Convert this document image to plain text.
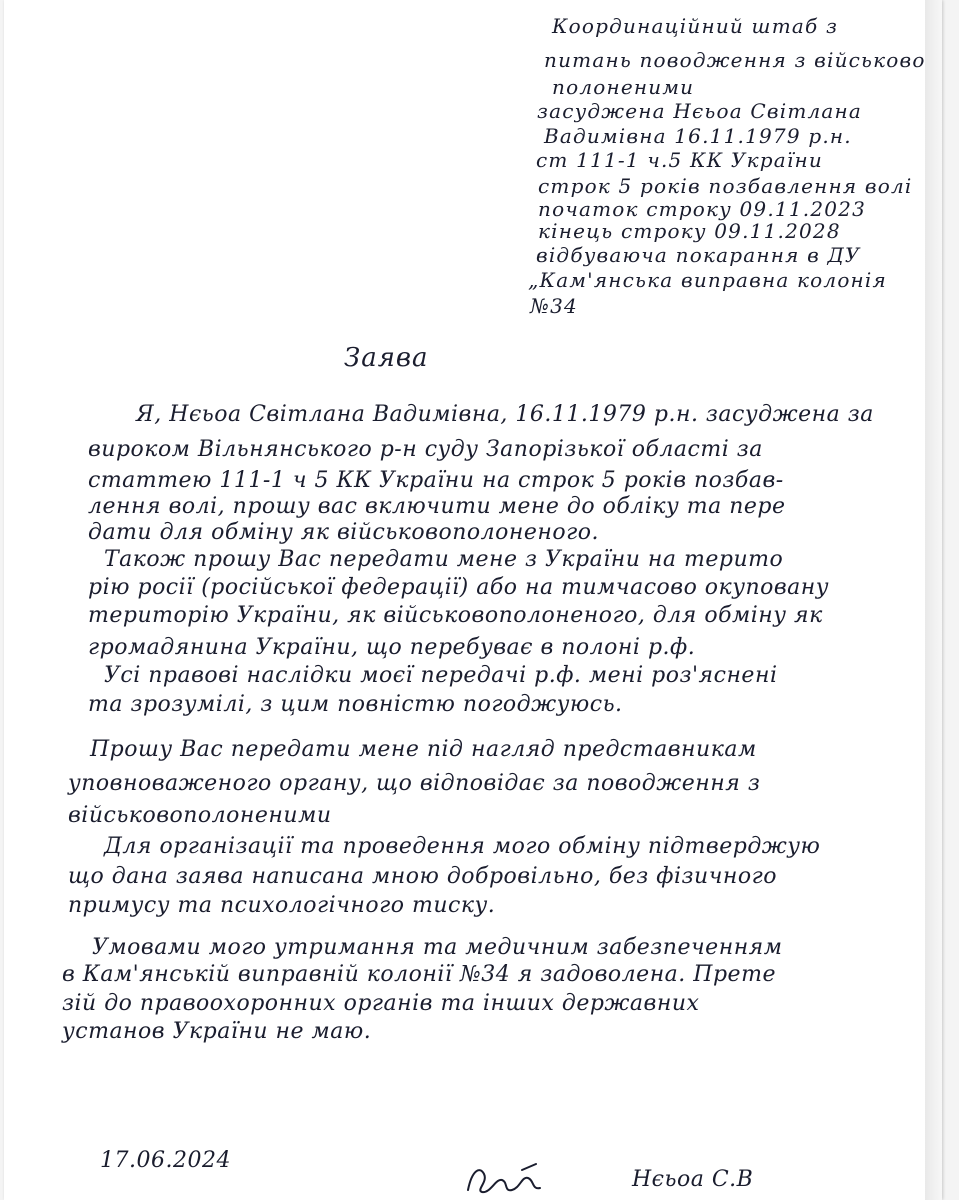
Координаційний штаб з
питань поводження з військово
полоненими
засуджена Нєьоа Світлана
Вадимівна 16.11.1979 р.н.
ст 111-1 ч.5 КК України
строк 5 років позбавлення волі
початок строку 09.11.2023
кінець строку 09.11.2028
відбуваюча покарання в ДУ
„Кам'янська виправна колонія
№34
Заява
Я, Нєьоа Світлана Вадимівна, 16.11.1979 р.н. засуджена за
вироком Вільнянського р-н суду Запорізької області за
статтею 111-1 ч 5 КК України на строк 5 років позбав-
лення волі, прошу вас включити мене до обліку та пере
дати для обміну як військовополоненого.
Також прошу Вас передати мене з України на терито
рію росії (російської федерації) або на тимчасово окуповану
територію України, як військовополоненого, для обміну як
громадянина України, що перебуває в полоні р.ф.
Усі правові наслідки моєї передачі р.ф. мені роз'яснені
та зрозумілі, з цим повністю погоджуюсь.
Прошу Вас передати мене під нагляд представникам
уповноваженого органу, що відповідає за поводження з
військовополоненими
Для організації та проведення мого обміну підтверджую
що дана заява написана мною добровільно, без фізичного
примусу та психологічного тиску.
Умовами мого утримання та медичним забезпеченням
в Кам'янській виправній колонії №34 я задоволена. Прете
зій до правоохоронних органів та інших державних
установ України не маю.
17.06.2024
Нєьоа С.В
